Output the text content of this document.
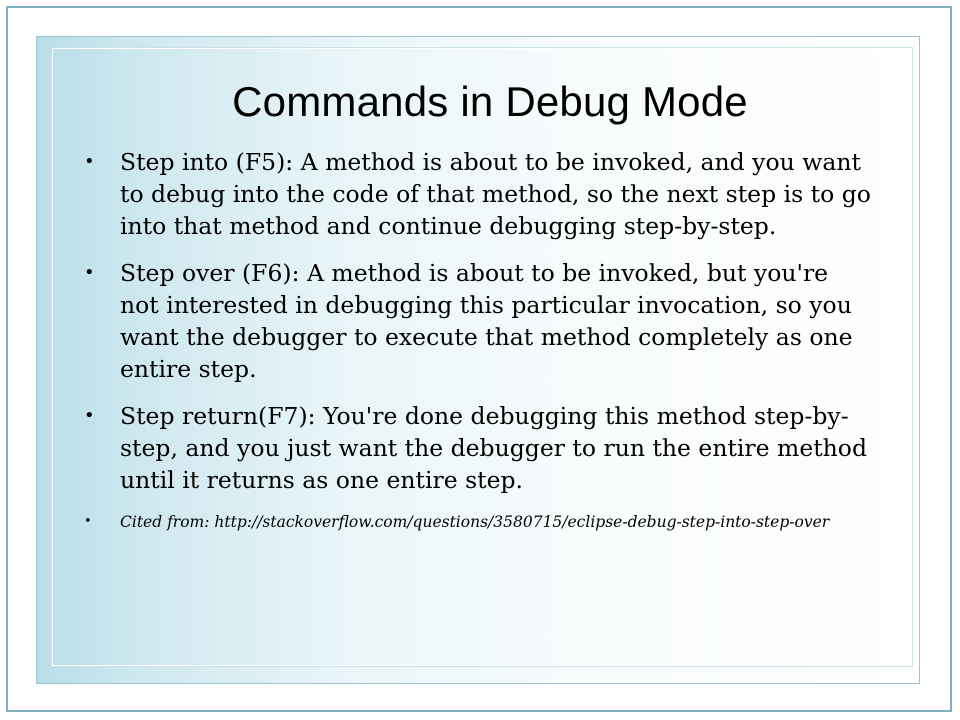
Commands in Debug Mode
• Step into (F5): A method is about to be invoked, and you want to debug into the code of that method, so the next step is to go into that method and continue debugging step-by-step.
• Step over (F6): A method is about to be invoked, but you're not interested in debugging this particular invocation, so you want the debugger to execute that method completely as one entire step.
• Step return(F7): You're done debugging this method step-by-step, and you just want the debugger to run the entire method until it returns as one entire step.
• Cited from: http://stackoverflow.com/questions/3580715/eclipse-debug-step-into-step-over
